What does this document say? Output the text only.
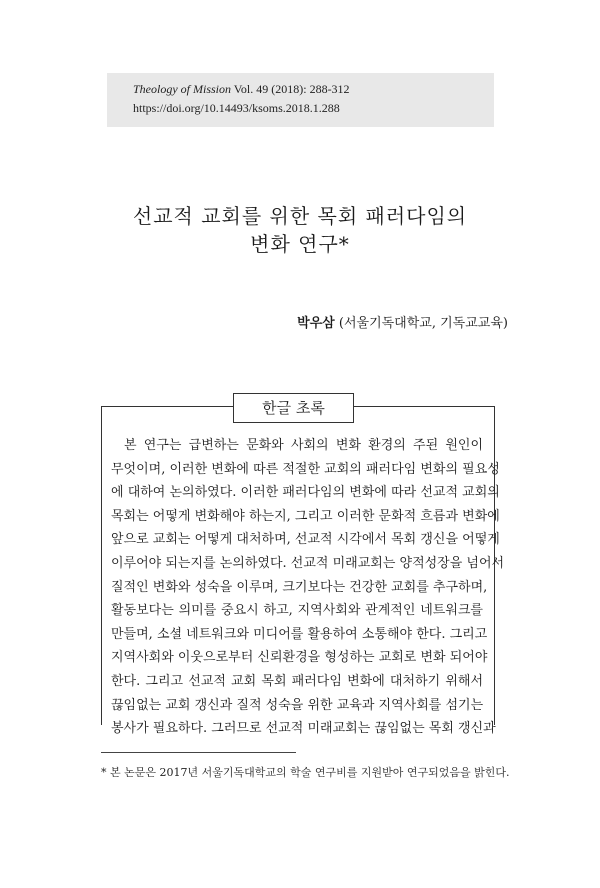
Theology of Mission Vol. 49 (2018): 288-312
https://doi.org/10.14493/ksoms.2018.1.288
선교적 교회를 위한 목회 패러다임의
변화 연구*
박우삼 (서울기독대학교, 기독교교육)
한글 초록
본 연구는 급변하는 문화와 사회의 변화 환경의 주된 원인이
무엇이며, 이러한 변화에 따른 적절한 교회의 패러다임 변화의 필요성
에 대하여 논의하였다. 이러한 패러다임의 변화에 따라 선교적 교회의
목회는 어떻게 변화해야 하는지, 그리고 이러한 문화적 흐름과 변화에
앞으로 교회는 어떻게 대처하며, 선교적 시각에서 목회 갱신을 어떻게
이루어야 되는지를 논의하였다. 선교적 미래교회는 양적성장을 넘어서
질적인 변화와 성숙을 이루며, 크기보다는 건강한 교회를 추구하며,
활동보다는 의미를 중요시 하고, 지역사회와 관계적인 네트워크를
만들며, 소셜 네트워크와 미디어를 활용하여 소통해야 한다. 그리고
지역사회와 이웃으로부터 신뢰환경을 형성하는 교회로 변화 되어야
한다. 그리고 선교적 교회 목회 패러다임 변화에 대처하기 위해서
끊임없는 교회 갱신과 질적 성숙을 위한 교육과 지역사회를 섬기는
봉사가 필요하다. 그러므로 선교적 미래교회는 끊임없는 목회 갱신과
* 본 논문은 2017년 서울기독대학교의 학술 연구비를 지원받아 연구되었음을 밝힌다.
